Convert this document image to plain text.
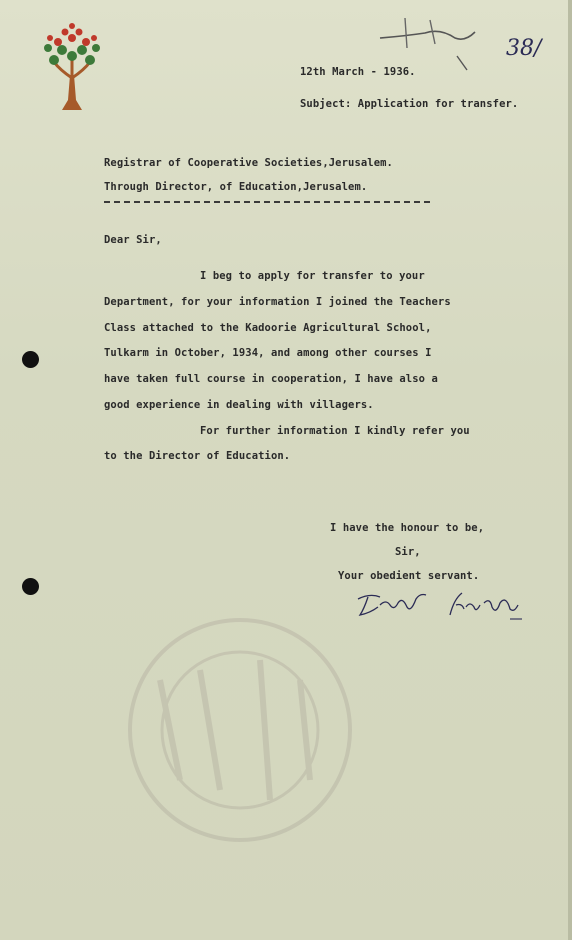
38/
12th March - 1936.
Subject: Application for transfer.
Registrar of Cooperative Societies,Jerusalem.
Through Director, of Education,Jerusalem.
Dear Sir,
I beg to apply for transfer to your
Department, for your information I joined the Teachers
Class attached to the Kadoorie Agricultural School,
Tulkarm in October, 1934, and among other courses I
have taken full course in cooperation, I have also a
good experience in dealing with villagers.
For further information I kindly refer you
to the Director of Education.
I have the honour to be,
Sir,
Your obedient servant.
